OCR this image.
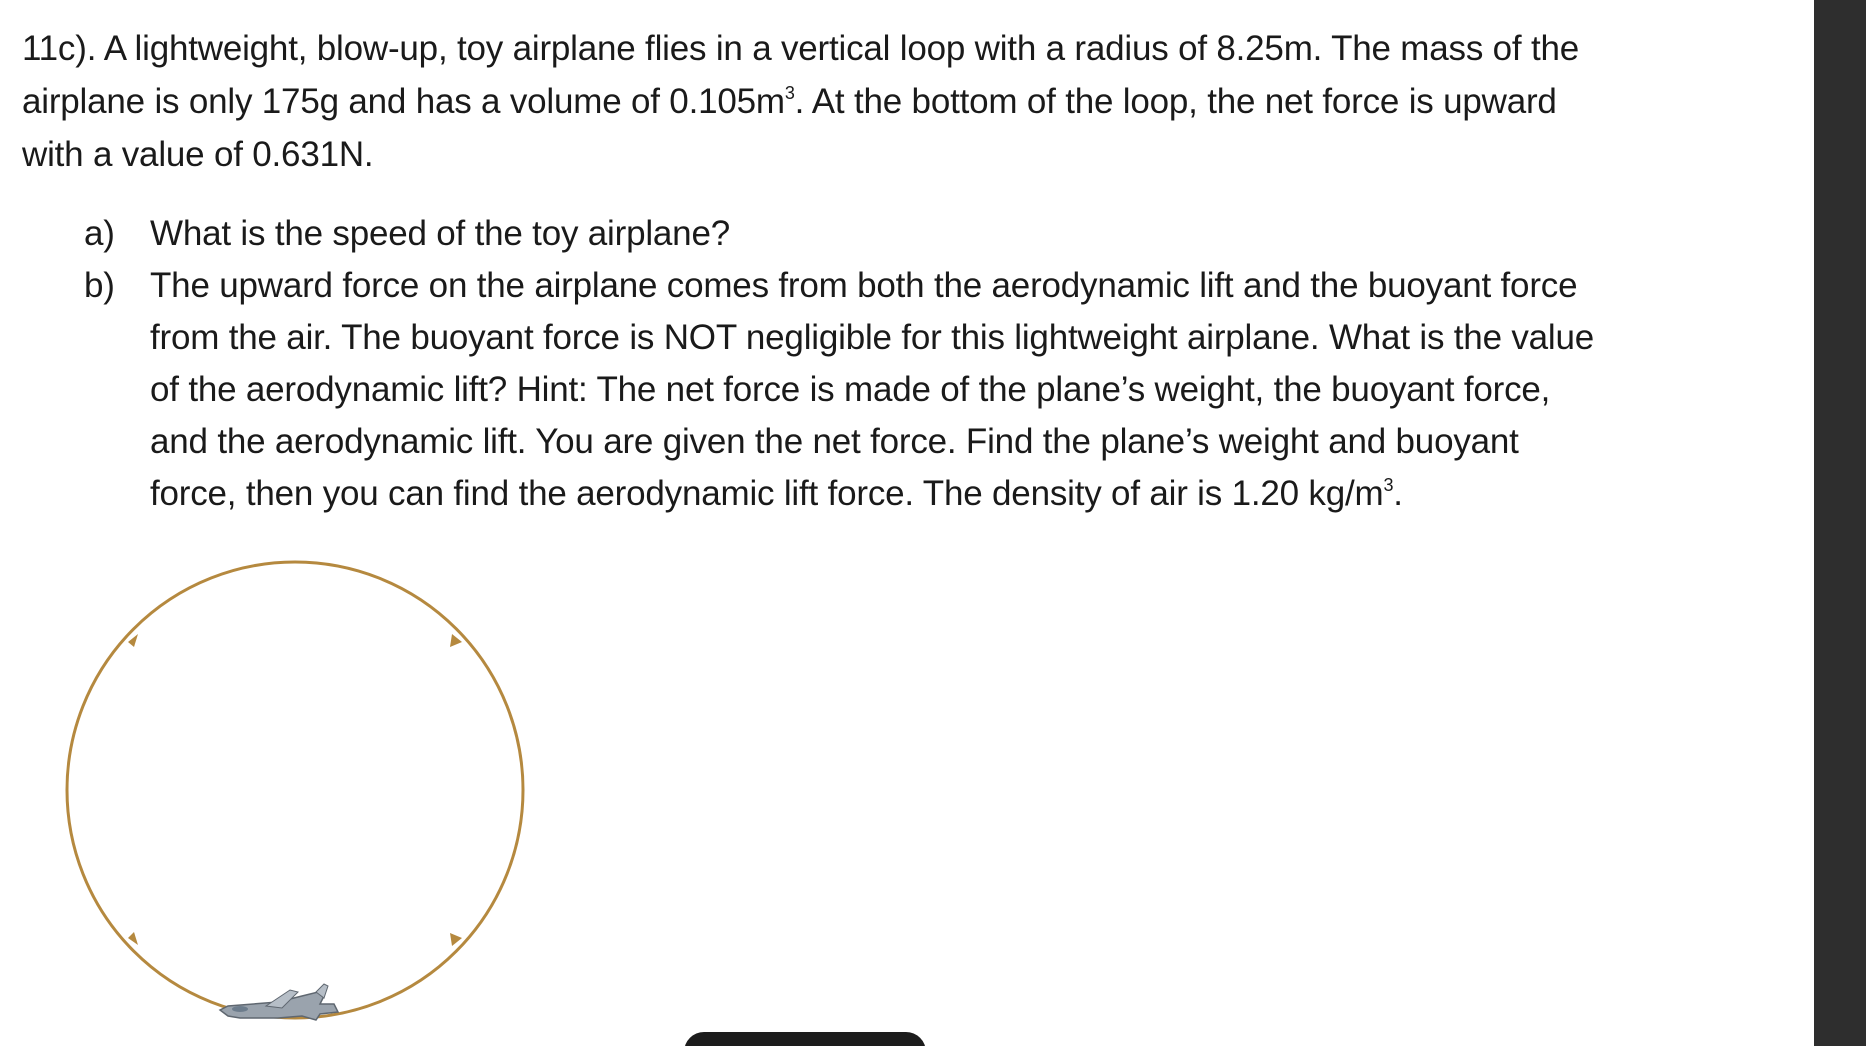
11c). A lightweight, blow-up, toy airplane flies in a vertical loop with a radius of 8.25m. The mass of the
airplane is only 175g and has a volume of $0.105m^3$. At the bottom of the loop, the net force is upward
with a value of 0.631N.
a) What is the speed of the toy airplane?
b) The upward force on the airplane comes from both the aerodynamic lift and the buoyant force
from the air. The buoyant force is NOT negligible for this lightweight airplane. What is the value
of the aerodynamic lift? Hint: The net force is made of the plane’s weight, the buoyant force,
and the aerodynamic lift. You are given the net force. Find the plane’s weight and buoyant
force, then you can find the aerodynamic lift force. The density of air is 1.20 $kg/m^3$.
